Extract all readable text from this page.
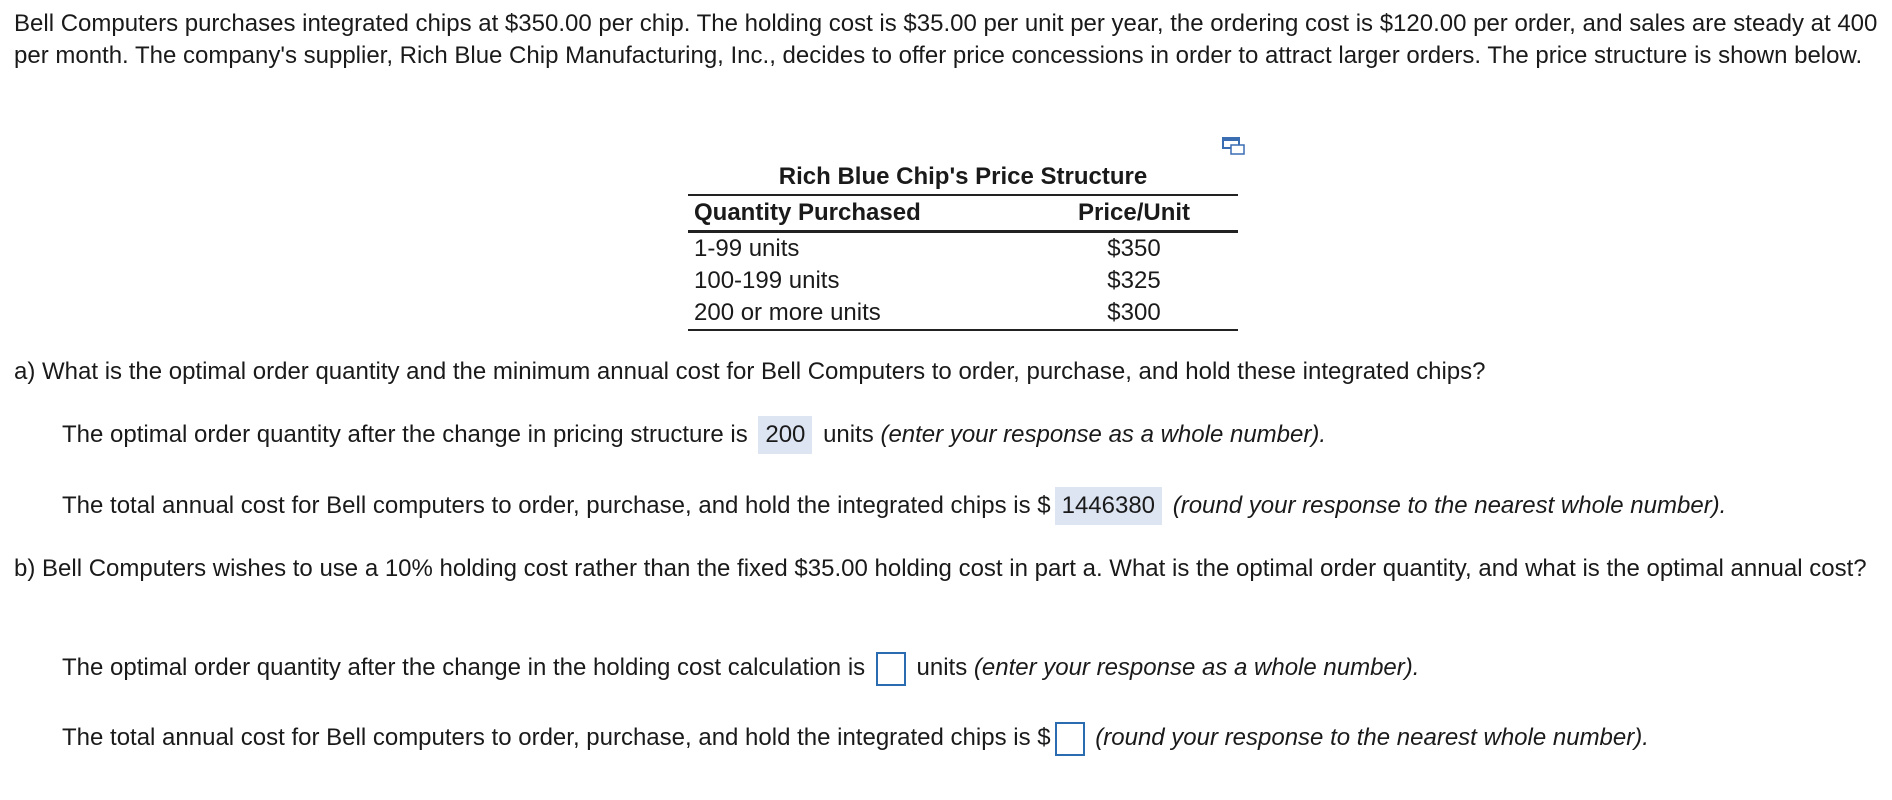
Bell Computers purchases integrated chips at $350.00 per chip. The holding cost is $35.00 per unit per year, the ordering cost is $120.00 per order, and sales are steady at 400 per month. The company's supplier, Rich Blue Chip Manufacturing, Inc., decides to offer price concessions in order to attract larger orders. The price structure is shown below.
Rich Blue Chip's Price Structure
Quantity Purchased	Price/Unit
1-99 units	$350
100-199 units	$325
200 or more units	$300
a) What is the optimal order quantity and the minimum annual cost for Bell Computers to order, purchase, and hold these integrated chips?
The optimal order quantity after the change in pricing structure is 200 units (enter your response as a whole number).
The total annual cost for Bell computers to order, purchase, and hold the integrated chips is $ 1446380 (round your response to the nearest whole number).
b) Bell Computers wishes to use a 10% holding cost rather than the fixed $35.00 holding cost in part a. What is the optimal order quantity, and what is the optimal annual cost?
The optimal order quantity after the change in the holding cost calculation is units (enter your response as a whole number).
The total annual cost for Bell computers to order, purchase, and hold the integrated chips is $ (round your response to the nearest whole number).
